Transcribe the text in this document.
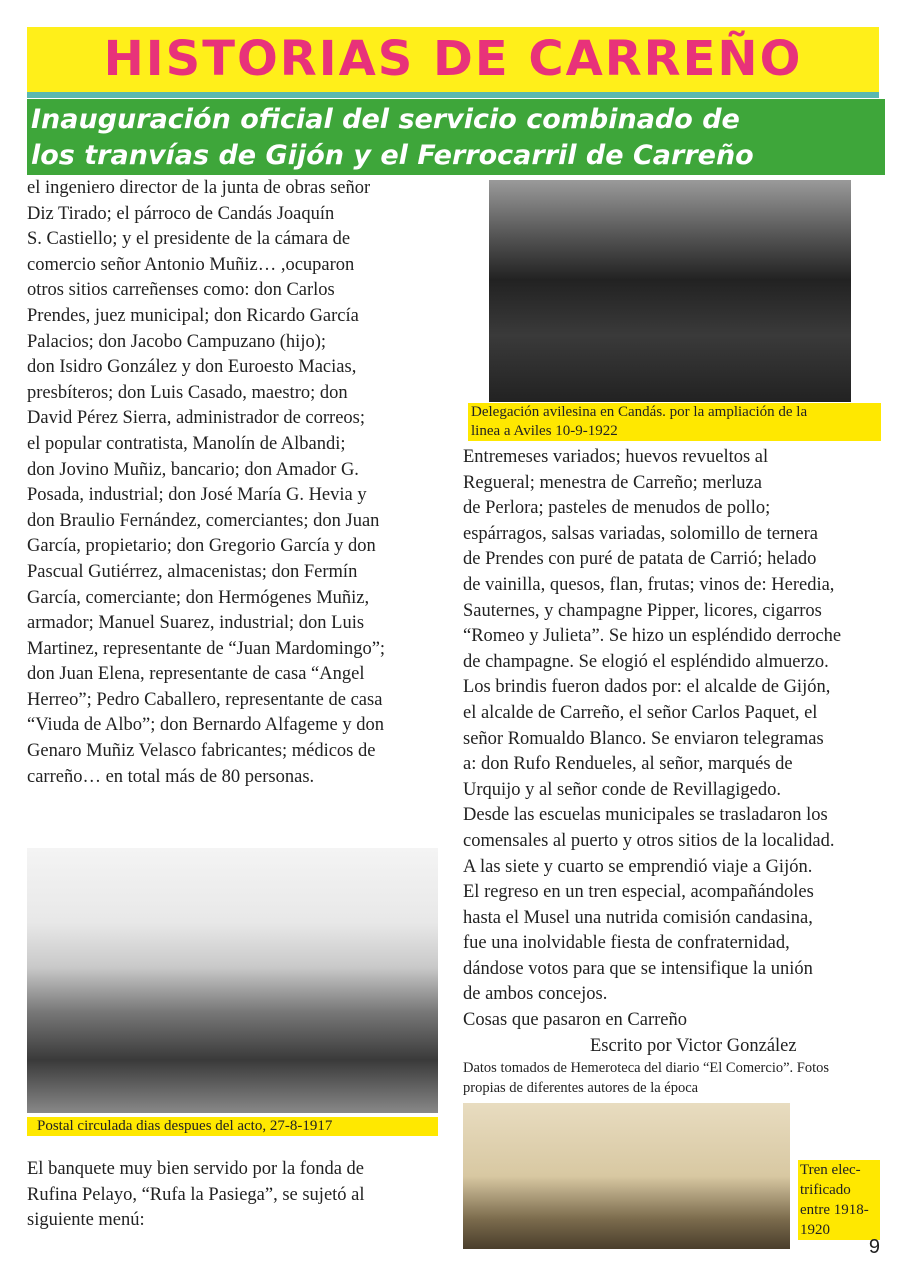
HISTORIAS DE CARREÑO
Inauguración oficial del servicio combinado de
los tranvías de Gijón y el Ferrocarril de Carreño
el ingeniero director de la junta de obras señor
Diz Tirado; el párroco de Candás Joaquín
S. Castiello; y el presidente de la cámara de
comercio señor Antonio Muñiz… ,ocuparon
otros sitios carreñenses como: don Carlos
Prendes, juez municipal; don Ricardo García
Palacios; don Jacobo Campuzano (hijo);
don Isidro González y don Euroesto Macias,
presbíteros; don Luis Casado, maestro; don
David Pérez Sierra, administrador de correos;
el popular contratista, Manolín de Albandi;
don Jovino Muñiz, bancario; don Amador G.
Posada, industrial; don José María G. Hevia y
don Braulio Fernández, comerciantes; don Juan
García, propietario; don Gregorio García y don
Pascual Gutiérrez, almacenistas; don Fermín
García, comerciante; don Hermógenes Muñiz,
armador; Manuel Suarez, industrial; don Luis
Martinez, representante de “Juan Mardomingo”;
don Juan Elena, representante de casa “Angel
Herreo”; Pedro Caballero, representante de casa
“Viuda de Albo”; don Bernardo Alfageme y don
Genaro Muñiz Velasco fabricantes; médicos de
carreño… en total más de 80 personas.
El banquete muy bien servido por la fonda de
Rufina Pelayo, “Rufa la Pasiega”, se sujetó al
siguiente menú:
Entremeses variados; huevos revueltos al
Regueral; menestra de Carreño; merluza
de Perlora; pasteles de menudos de pollo;
espárragos, salsas variadas, solomillo de ternera
de Prendes con puré de patata de Carrió; helado
de vainilla, quesos, flan, frutas; vinos de: Heredia,
Sauternes, y champagne Pipper, licores, cigarros
“Romeo y Julieta”. Se hizo un espléndido derroche
de champagne. Se elogió el espléndido almuerzo.
Los brindis fueron dados por: el alcalde de Gijón,
el alcalde de Carreño, el señor Carlos Paquet, el
señor Romualdo Blanco. Se enviaron telegramas
a: don Rufo Rendueles, al señor, marqués de
Urquijo y al señor conde de Revillagigedo.
Desde las escuelas municipales se trasladaron los
comensales al puerto y otros sitios de la localidad.
A las siete y cuarto se emprendió viaje a Gijón.
El regreso en un tren especial, acompañándoles
hasta el Musel una nutrida comisión candasina,
fue una inolvidable fiesta de confraternidad,
dándose votos para que se intensifique la unión
de ambos concejos.
Cosas que pasaron en Carreño
Escrito por Victor González
Datos tomados de Hemeroteca del diario “El Comercio”. Fotos
propias de diferentes autores de la época
Delegación avilesina en Candás. por la ampliación de la
linea a Aviles 10-9-1922
Postal circulada dias despues del acto, 27-8-1917
Tren elec-
trificado
entre 1918-
1920
9
